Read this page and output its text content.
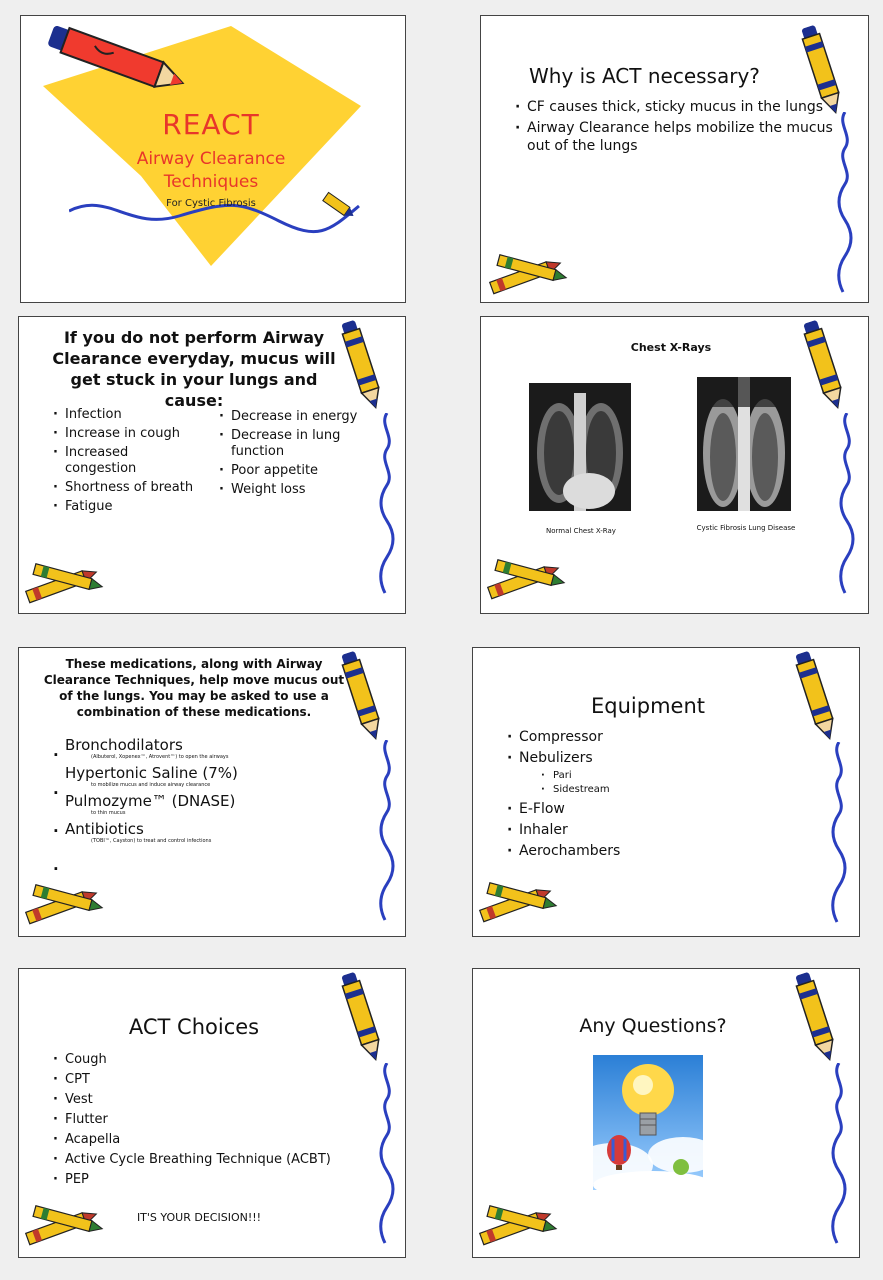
REACT
Airway Clearance Techniques
For Cystic Fibrosis
Why is ACT necessary?
· CF causes thick, sticky mucus in the lungs
· Airway Clearance helps mobilize the mucus out of the lungs
If you do not perform Airway Clearance everyday, mucus will get stuck in your lungs and cause:
· Infection
· Increase in cough
· Increased congestion
· Shortness of breath
· Fatigue
· Decrease in energy
· Decrease in lung function
· Poor appetite
· Weight loss
Chest X-Rays
Normal Chest X-Ray	Cystic Fibrosis Lung Disease
These medications, along with Airway Clearance Techniques, help move mucus out of the lungs. You may be asked to use a combination of these medications.
Bronchodilators
(Albuterol, Xopenex™, Atrovent™) to open the airways
Hypertonic Saline (7%)
to mobilize mucus and induce airway clearance
Pulmozyme™ (DNASE)
to thin mucus
Antibiotics
(TOBI™, Cayston) to treat and control infections
·
·
·
·
Equipment
· Compressor
· Nebulizers
· Pari
· Sidestream
· E-Flow
· Inhaler
· Aerochambers
ACT Choices
· Cough
· CPT
· Vest
· Flutter
· Acapella
· Active Cycle Breathing Technique (ACBT)
· PEP
IT'S YOUR DECISION!!!
Any Questions?
